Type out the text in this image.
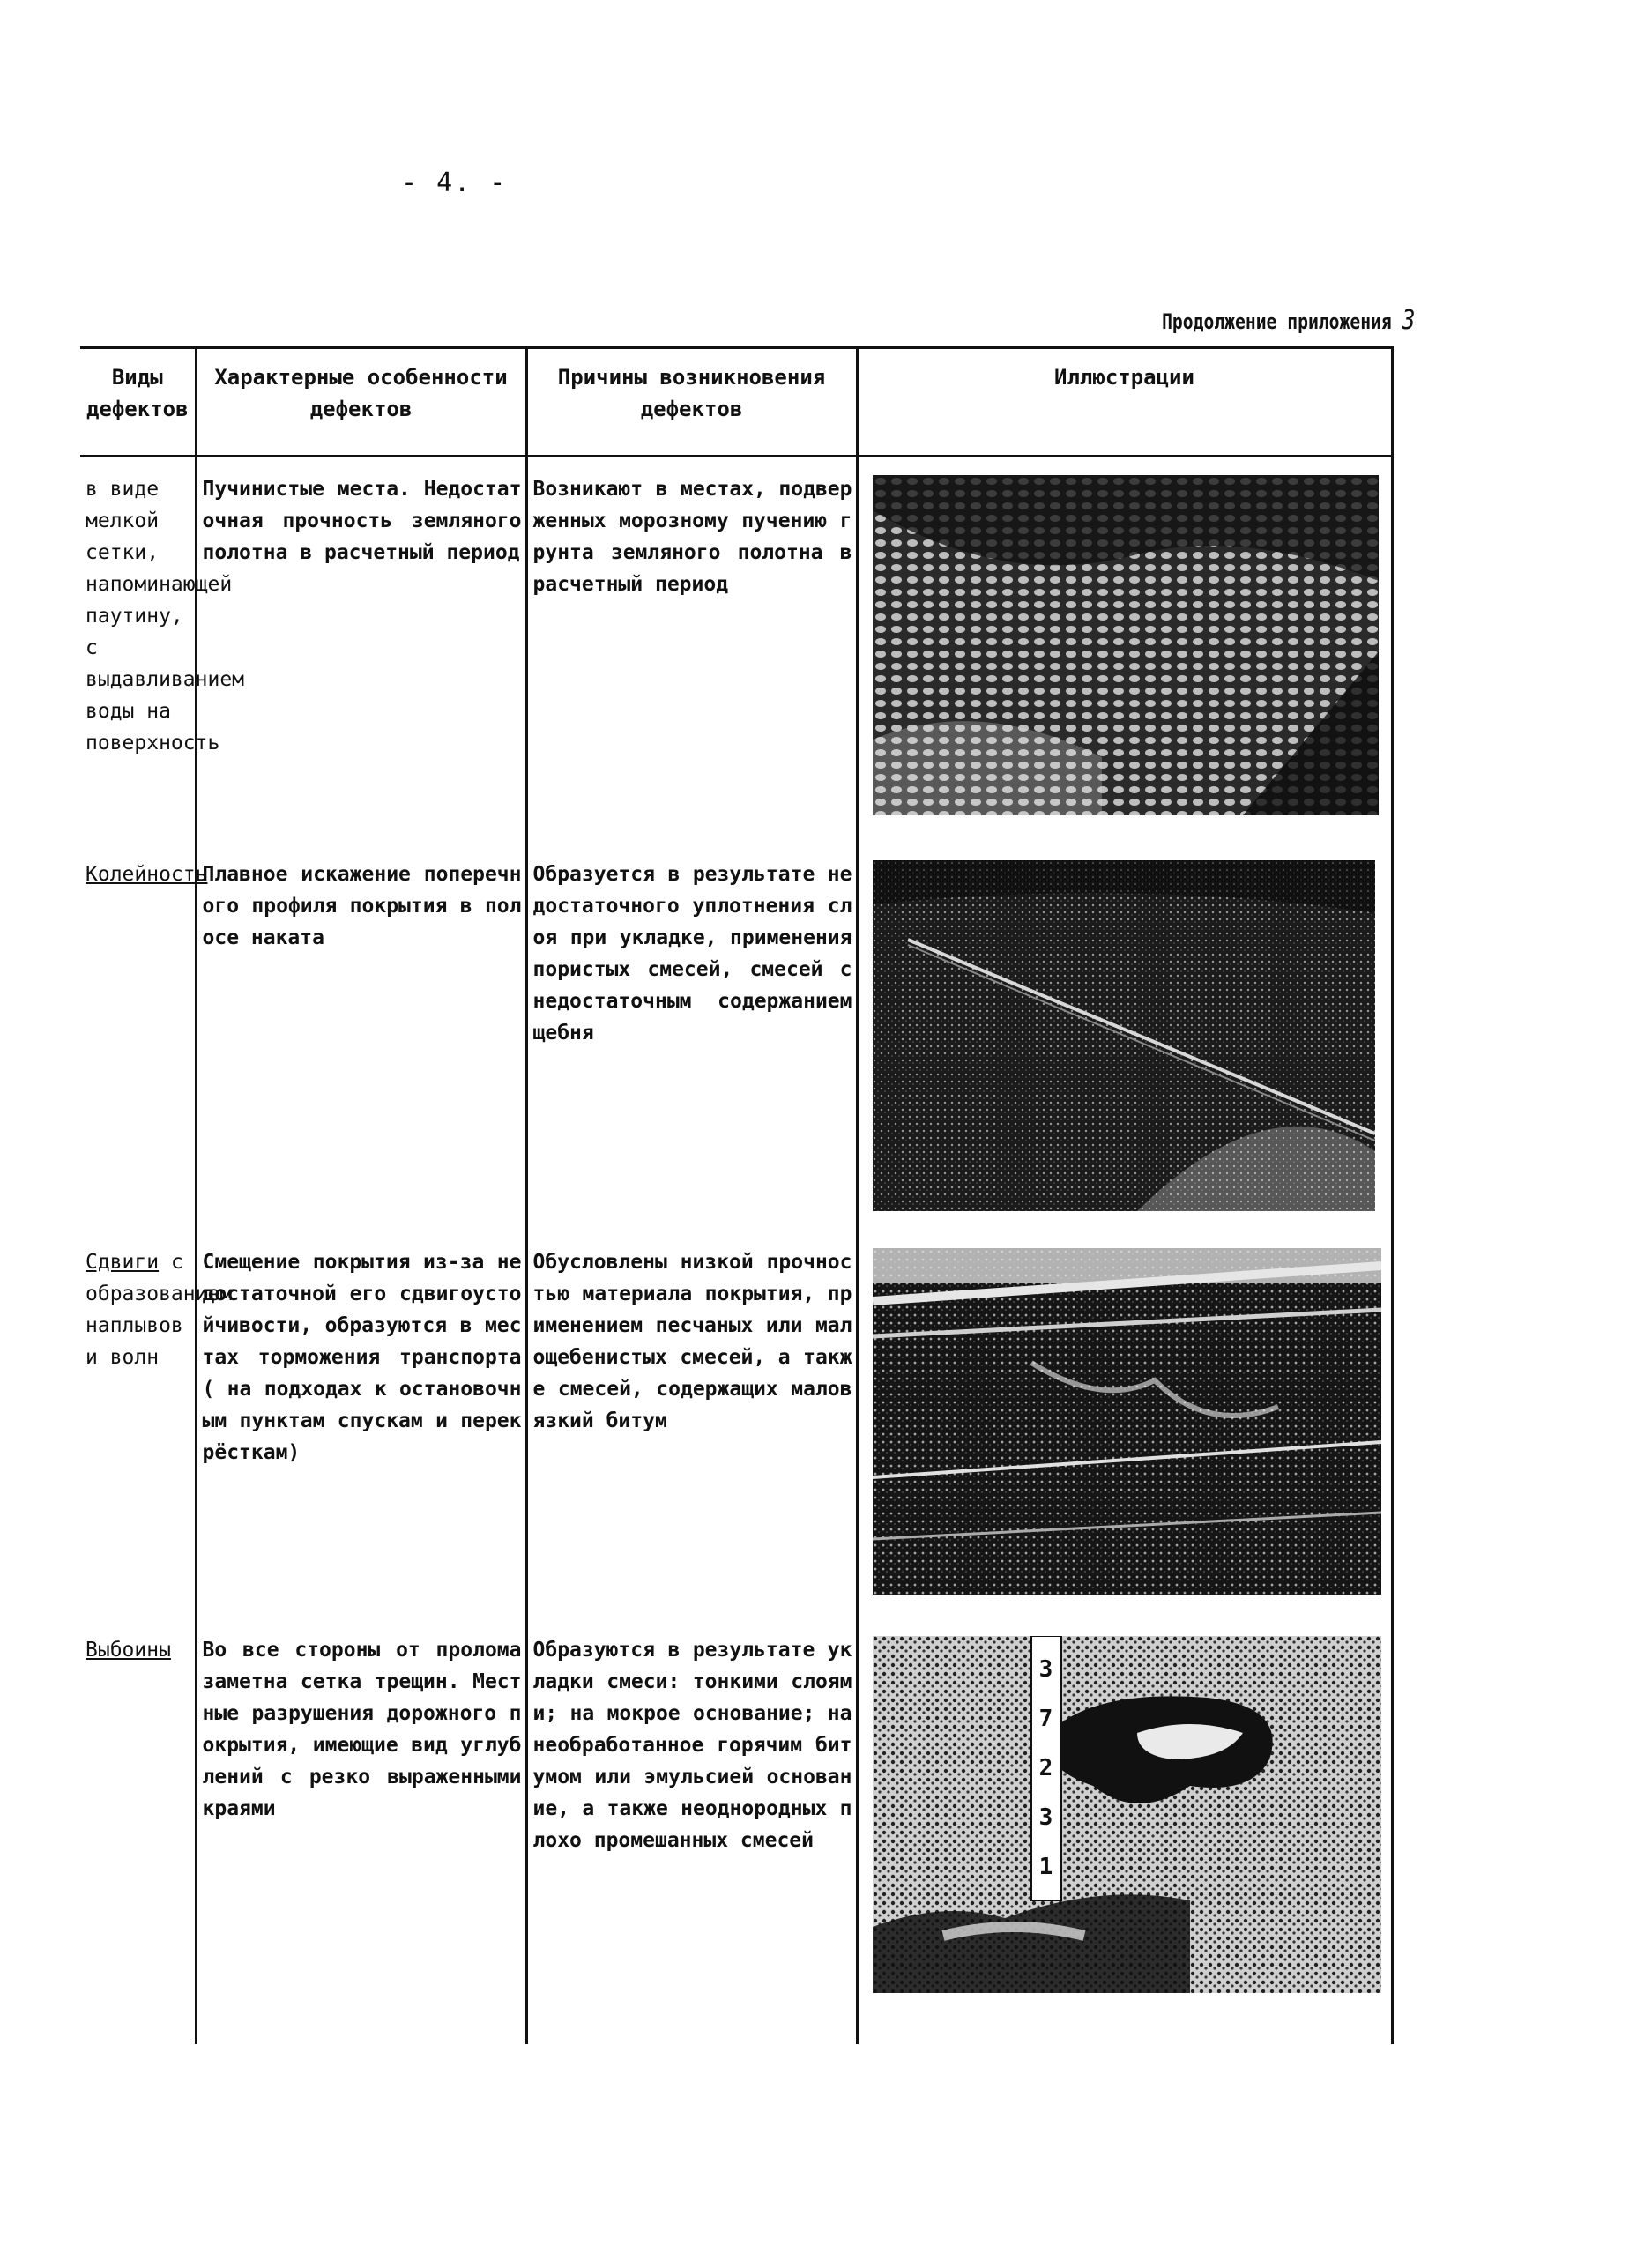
- 4. -
Продолжение приложения 3
Виды дефектов	Характерные особенности дефектов	Причины возникновения дефектов	Иллюстрации
в виде мелкой сетки, напоминающей паутину, с выдавливанием воды на поверхность	Пучинистые места. Недостаточная прочность земляного полотна в расчетный период	Возникают в местах, подверженных морозному пучению грунта земляного полотна в расчетный период	

Колейность	Плавное искажение поперечного профиля покрытия в полосе наката	Образуется в результате недостаточного уплотнения слоя при укладке, применения пористых смесей, смесей с недостаточным содержанием щебня	

Сдвиги с образованием наплывов и волн	Смещение покрытия из-за недостаточной его сдвигоустойчивости, образуются в местах торможения транспорта ( на подходах к остановочным пунктам спускам и перекрёсткам)	Обусловлены низкой прочностью материала покрытия, применением песчаных или малощебенистых смесей, а также смесей, содержащих маловязкий битум	

Выбоины	Во все стороны от пролома заметна сетка трещин. Местные разрушения дорожного покрытия, имеющие вид углублений с резко выраженными краями	Образуются в результате укладки смеси: тонкими слоями; на мокрое основание; на необработанное горячим битумом или эмульсией основание, а также неоднородных плохо промешанных смесей	3
7
2
3
1
